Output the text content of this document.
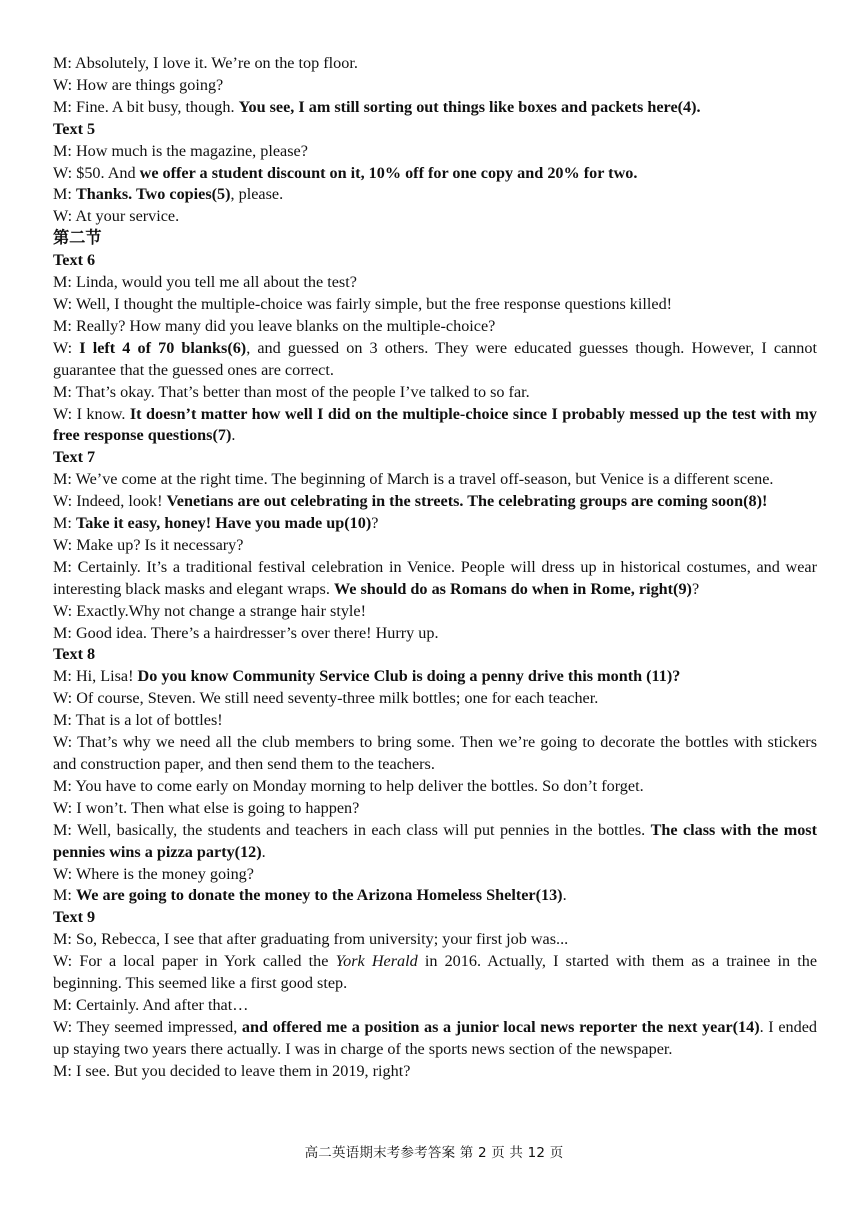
M: Absolutely, I love it. We’re on the top floor.
W: How are things going?
M: Fine. A bit busy, though. You see, I am still sorting out things like boxes and packets here(4).
Text 5
M: How much is the magazine, please?
W: $50. And we offer a student discount on it, 10% off for one copy and 20% for two.
M: Thanks. Two copies(5), please.
W: At your service.
第二节
Text 6
M: Linda, would you tell me all about the test?
W: Well, I thought the multiple-choice was fairly simple, but the free response questions killed!
M: Really? How many did you leave blanks on the multiple-choice?
W: I left 4 of 70 blanks(6), and guessed on 3 others. They were educated guesses though. However, I cannot guarantee that the guessed ones are correct.
M: That’s okay. That’s better than most of the people I’ve talked to so far.
W: I know. It doesn’t matter how well I did on the multiple-choice since I probably messed up the test with my free response questions(7).
Text 7
M: We’ve come at the right time. The beginning of March is a travel off-season, but Venice is a different scene.
W: Indeed, look! Venetians are out celebrating in the streets. The celebrating groups are coming soon(8)!
M: Take it easy, honey! Have you made up(10)?
W: Make up? Is it necessary?
M: Certainly. It’s a traditional festival celebration in Venice. People will dress up in historical costumes, and wear interesting black masks and elegant wraps. We should do as Romans do when in Rome, right(9)?
W: Exactly.Why not change a strange hair style!
M: Good idea. There’s a hairdresser’s over there! Hurry up.
Text 8
M: Hi, Lisa! Do you know Community Service Club is doing a penny drive this month (11)?
W: Of course, Steven. We still need seventy-three milk bottles; one for each teacher.
M: That is a lot of bottles!
W: That’s why we need all the club members to bring some. Then we’re going to decorate the bottles with stickers and construction paper, and then send them to the teachers.
M: You have to come early on Monday morning to help deliver the bottles. So don’t forget.
W: I won’t. Then what else is going to happen?
M: Well, basically, the students and teachers in each class will put pennies in the bottles. The class with the most pennies wins a pizza party(12).
W: Where is the money going?
M: We are going to donate the money to the Arizona Homeless Shelter(13).
Text 9
M: So, Rebecca, I see that after graduating from university; your first job was...
W: For a local paper in York called the York Herald in 2016. Actually, I started with them as a trainee in the beginning. This seemed like a first good step.
M: Certainly. And after that…
W: They seemed impressed, and offered me a position as a junior local news reporter the next year(14). I ended up staying two years there actually. I was in charge of the sports news section of the newspaper.
M: I see. But you decided to leave them in 2019, right?
高二英语期末考参考答案 第 2 页 共 12 页
